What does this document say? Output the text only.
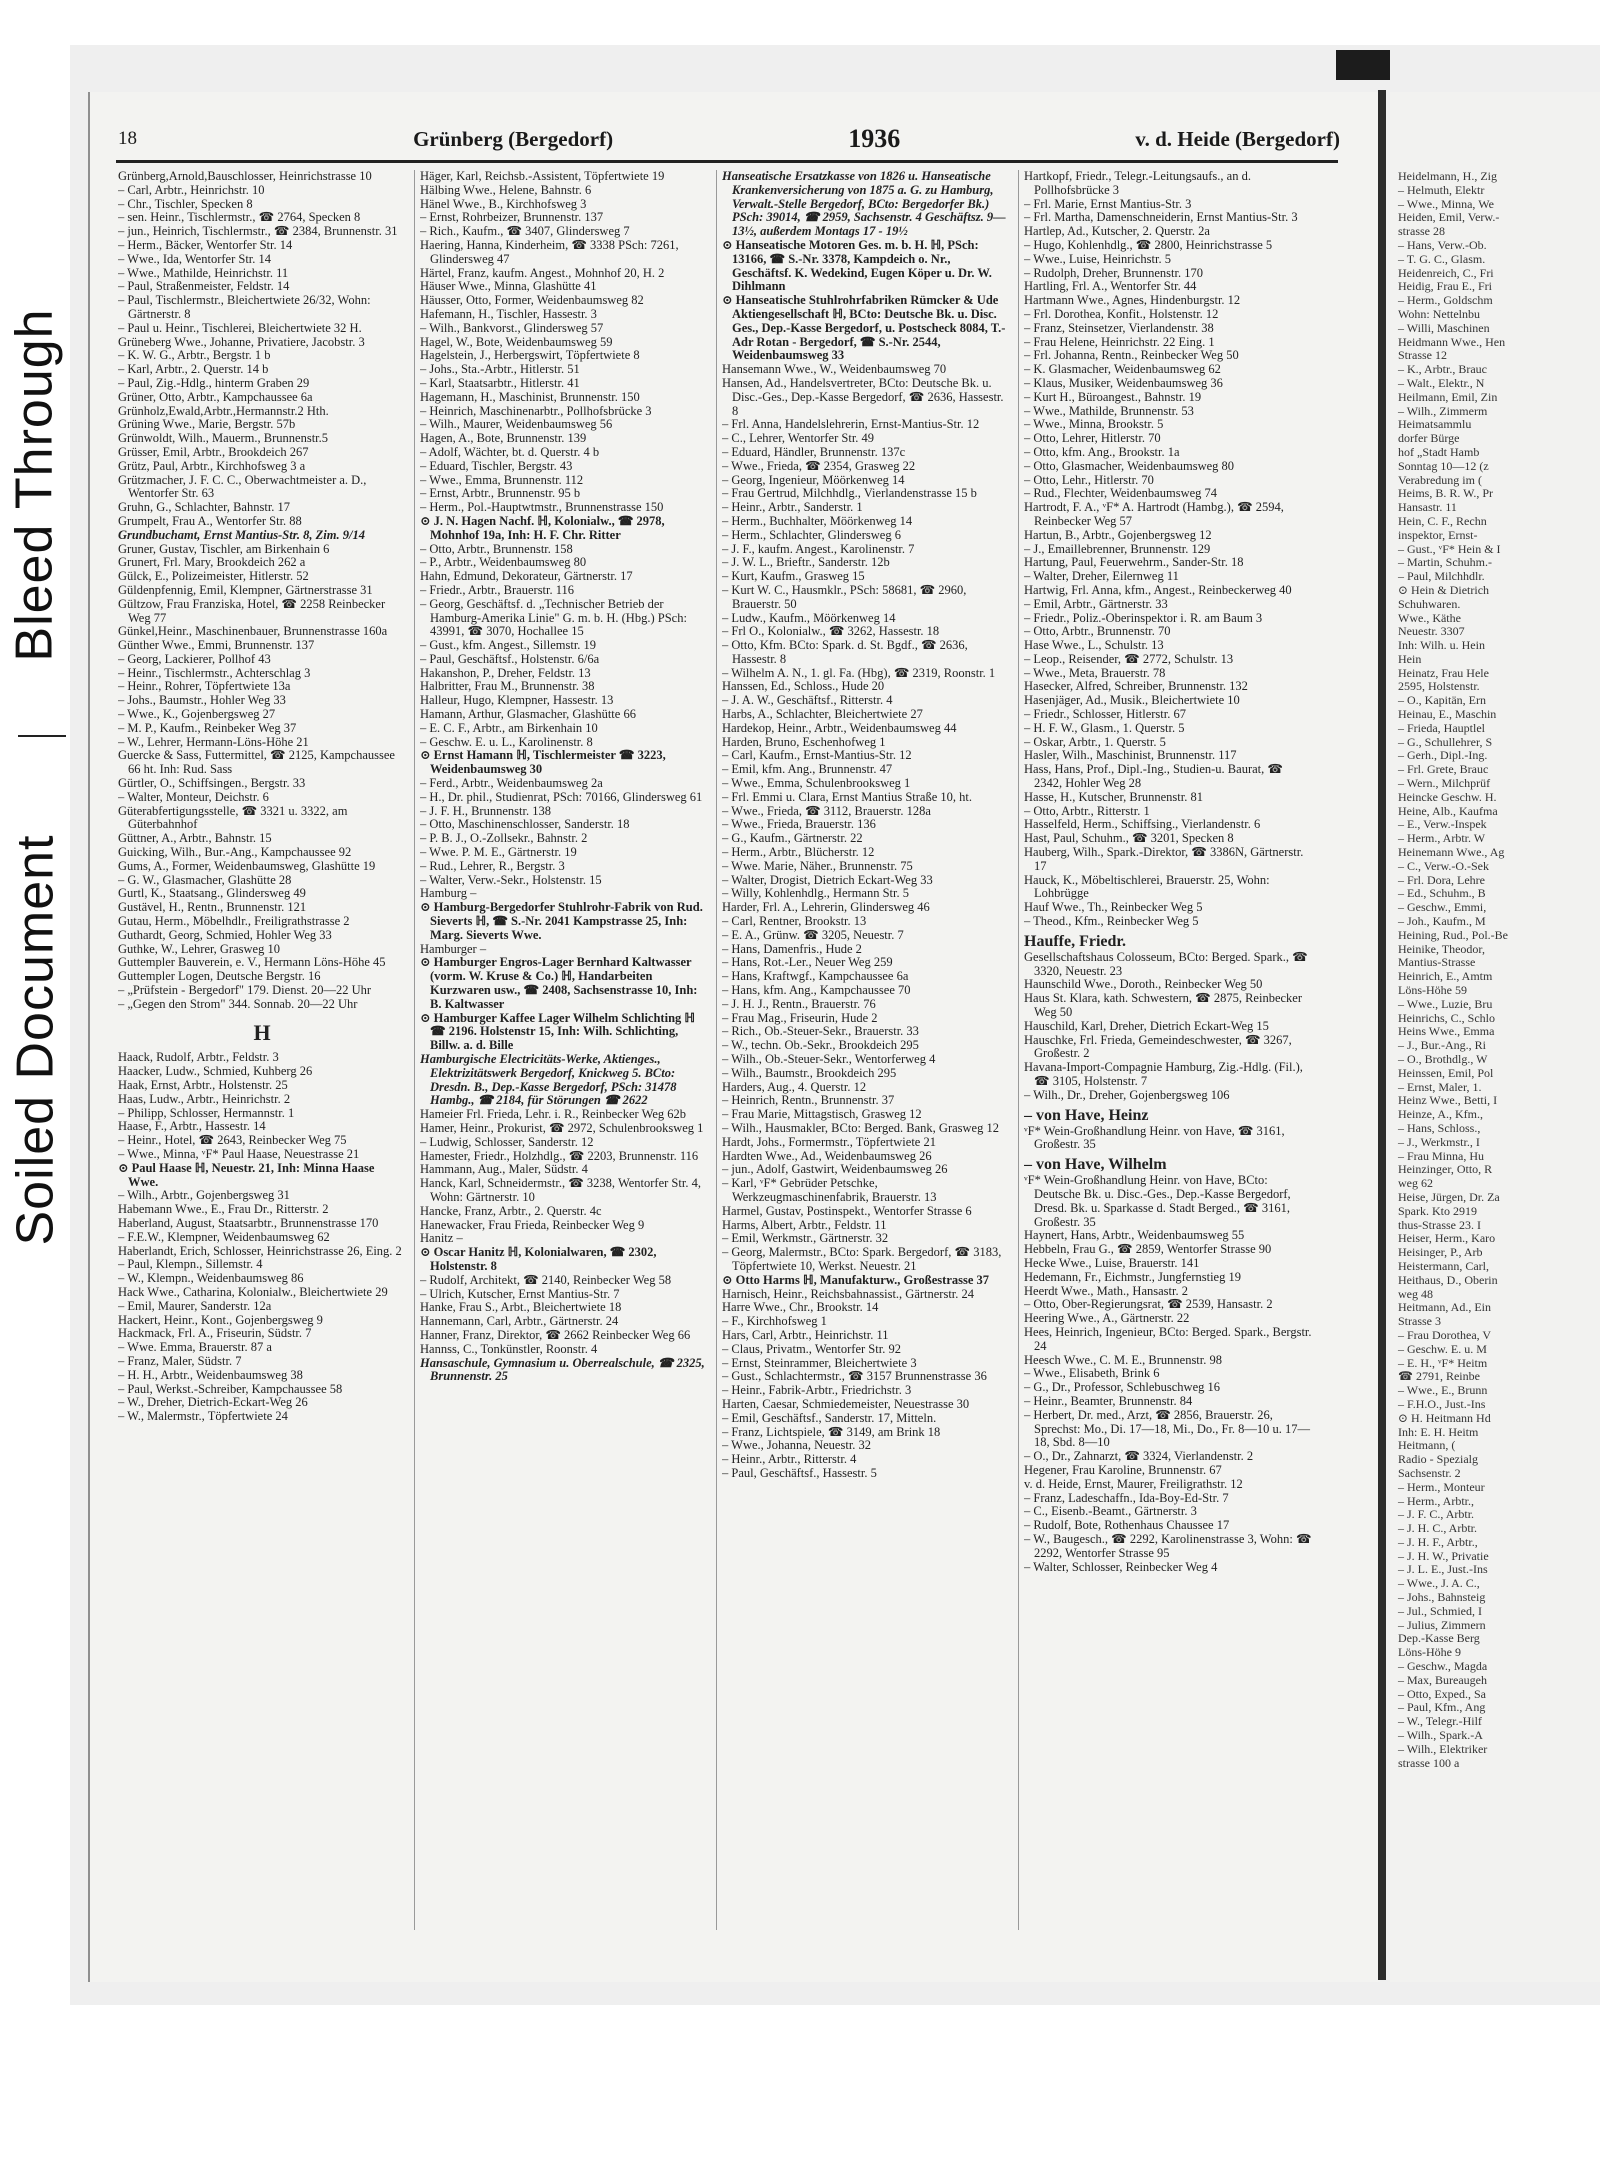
Heidelmann, H., Zig

– Helmuth, Elektr

– Wwe., Minna, We

Heiden, Emil, Verw.-

strasse 28

– Hans, Verw.-Ob.

– T. G. C., Glasm.

Heidenreich, C., Fri

Heidig, Frau E., Fri

– Herm., Goldschm

Wohn: Nettelnbu

– Willi, Maschinen

Heidmann Wwe., Hen

Strasse 12

– K., Arbtr., Brauc

– Walt., Elektr., N

Heilmann, Emil, Zin

– Wilh., Zimmerm

Heimatsammlu

dorfer Bürge

hof „Stadt Hamb

Sonntag 10—12 (z

Verabredung im (

Heims, B. R. W., Pr

Hansastr. 11

Hein, C. F., Rechn

inspektor, Ernst-

– Gust., ᵛF* Hein & I

– Martin, Schuhm.-

– Paul, Milchhdlr.

⊙ Hein & Dietrich

Schuhwaren.

Wwe., Käthe

Neuestr. 3307

Inh: Wilh. u. Hein

Hein

Heinatz, Frau Hele

2595, Holstenstr.

– O., Kapitän, Ern

Heinau, E., Maschin

– Frieda, Hauptlel

– G., Schullehrer, S

– Gerh., Dipl.-Ing.

– Frl. Grete, Brauc

– Wern., Milchprüf

Heincke Geschw. H.

Heine, Alb., Kaufma

– E., Verw.-Inspek

– Herm., Arbtr. W

Heinemann Wwe., Ag

– C., Verw.-O.-Sek

– Frl. Dora, Lehre

– Ed., Schuhm., B

– Geschw., Emmi,

– Joh., Kaufm., M

Heining, Rud., Pol.-Be

Heinike, Theodor,

Mantius-Strasse

Heinrich, E., Amtm

Löns-Höhe 59

– Wwe., Luzie, Bru

Heinrichs, C., Schlo

Heins Wwe., Emma

– J., Bur.-Ang., Ri

– O., Brothdlg., W

Heinssen, Emil, Pol

– Ernst, Maler, 1.

Heinz Wwe., Betti, I

Heinze, A., Kfm.,

– Hans, Schloss.,

– J., Werkmstr., I

– Frau Minna, Hu

Heinzinger, Otto, R

weg 62

Heise, Jürgen, Dr. Za

Spark. Kto 2919

thus-Strasse 23. I

Heiser, Herm., Karo

Heisinger, P., Arb

Heistermann, Carl,

Heithaus, D., Oberin

weg 48

Heitmann, Ad., Ein

Strasse 3

– Frau Dorothea, V

– Geschw. E. u. M

– E. H., ᵛF* Heitm

☎ 2791, Reinbe

– Wwe., E., Brunn

– F.H.O., Just.-Ins

⊙ H. Heitmann Hd

Inh: E. H. Heitm

Heitmann, (

Radio - Spezialg

Sachsenstr. 2

– Herm., Monteur

– Herm., Arbtr.,

– J. F. C., Arbtr.

– J. H. C., Arbtr.

– J. H. F., Arbtr.,

– J. H. W., Privatie

– J. L. E., Just.-Ins

– Wwe., J. A. C.,

– Johs., Bahnsteig

– Jul., Schmied, I

– Julius, Zimmern

Dep.-Kasse Berg

Löns-Höhe 9

– Geschw., Magda

– Max, Bureaugeh

– Otto, Exped., Sa

– Paul, Kfm., Ang

– W., Telegr.-Hilf

– Wilh., Spark.-A

– Wilh., Elektriker

strasse 100 a

Bleed Through
Soiled Document
18	Grünberg (Bergedorf)	1936	v. d. Heide (Bergedorf)

Grünberg,Arnold,Bauschlosser, Heinrichstrasse 10

– Carl, Arbtr., Heinrichstr. 10

– Chr., Tischler, Specken 8

– sen. Heinr., Tischlermstr., ☎ 2764, Specken 8

– jun., Heinrich, Tischlermstr., ☎ 2384, Brunnenstr. 31

– Herm., Bäcker, Wentorfer Str. 14

– Wwe., Ida, Wentorfer Str. 14

– Wwe., Mathilde, Heinrichstr. 11

– Paul, Straßenmeister, Feldstr. 14

– Paul, Tischlermstr., Bleichertwiete 26/32, Wohn: Gärtnerstr. 8

– Paul u. Heinr., Tischlerei, Bleichertwiete 32 H.

Grüneberg Wwe., Johanne, Privatiere, Jacobstr. 3

– K. W. G., Arbtr., Bergstr. 1 b

– Karl, Arbtr., 2. Querstr. 14 b

– Paul, Zig.-Hdlg., hinterm Graben 29

Grüner, Otto, Arbtr., Kampchaussee 6a

Grünholz,Ewald,Arbtr.,Hermannstr.2 Hth.

Grüning Wwe., Marie, Bergstr. 57b

Grünwoldt, Wilh., Mauerm., Brunnenstr.5

Grüsser, Emil, Arbtr., Brookdeich 267

Grütz, Paul, Arbtr., Kirchhofsweg 3 a

Grützmacher, J. F. C. C., Oberwachtmeister a. D., Wentorfer Str. 63

Gruhn, G., Schlachter, Bahnstr. 17

Grumpelt, Frau A., Wentorfer Str. 88

Grundbuchamt, Ernst Mantius-Str. 8, Zim. 9/14

Gruner, Gustav, Tischler, am Birkenhain 6

Grunert, Frl. Mary, Brookdeich 262 a

Gülck, E., Polizeimeister, Hitlerstr. 52

Güldenpfennig, Emil, Klempner, Gärtnerstrasse 31

Gültzow, Frau Franziska, Hotel, ☎ 2258 Reinbecker Weg 77

Günkel,Heinr., Maschinenbauer, Brunnenstrasse 160a

Günther Wwe., Emmi, Brunnenstr. 137

– Georg, Lackierer, Pollhof 43

– Heinr., Tischlermstr., Achterschlag 3

– Heinr., Rohrer, Töpfertwiete 13a

– Johs., Baumstr., Hohler Weg 33

– Wwe., K., Gojenbergsweg 27

– M. P., Kaufm., Reinbeker Weg 37

– W., Lehrer, Hermann-Löns-Höhe 21

Guercke & Sass, Futtermittel, ☎ 2125, Kampchaussee 66 ht. Inh: Rud. Sass

Gürtler, O., Schiffsingen., Bergstr. 33

– Walter, Monteur, Deichstr. 6

Güterabfertigungsstelle, ☎ 3321 u. 3322, am Güterbahnhof

Güttner, A., Arbtr., Bahnstr. 15

Guicking, Wilh., Bur.-Ang., Kampchaussee 92

Gums, A., Former, Weidenbaumsweg, Glashütte 19

– G. W., Glasmacher, Glashütte 28

Gurtl, K., Staatsang., Glindersweg 49

Gustävel, H., Rentn., Brunnenstr. 121

Gutau, Herm., Möbelhdlr., Freiligrathstrasse 2

Guthardt, Georg, Schmied, Hohler Weg 33

Guthke, W., Lehrer, Grasweg 10

Guttempler Bauverein, e. V., Hermann Löns-Höhe 45

Guttempler Logen, Deutsche Bergstr. 16

– „Prüfstein - Bergedorf" 179. Dienst. 20—22 Uhr

– „Gegen den Strom" 344. Sonnab. 20—22 Uhr

H

Haack, Rudolf, Arbtr., Feldstr. 3

Haacker, Ludw., Schmied, Kuhberg 26

Haak, Ernst, Arbtr., Holstenstr. 25

Haas, Ludw., Arbtr., Heinrichstr. 2

– Philipp, Schlosser, Hermannstr. 1

Haase, F., Arbtr., Hassestr. 14

– Heinr., Hotel, ☎ 2643, Reinbecker Weg 75

– Wwe., Minna, ᵛF* Paul Haase, Neuestrasse 21

⊙ Paul Haase ℍ, Neuestr. 21, Inh: Minna Haase Wwe.

– Wilh., Arbtr., Gojenbergsweg 31

Habemann Wwe., E., Frau Dr., Ritterstr. 2

Haberland, August, Staatsarbtr., Brunnenstrasse 170

– F.E.W., Klempner, Weidenbaumsweg 62

Haberlandt, Erich, Schlosser, Heinrichstrasse 26, Eing. 2

– Paul, Klempn., Sillemstr. 4

– W., Klempn., Weidenbaumsweg 86

Hack Wwe., Catharina, Kolonialw., Bleichertwiete 29

– Emil, Maurer, Sanderstr. 12a

Hackert, Heinr., Kont., Gojenbergsweg 9

Hackmack, Frl. A., Friseurin, Südstr. 7

– Wwe. Emma, Brauerstr. 87 a

– Franz, Maler, Südstr. 7

– H. H., Arbtr., Weidenbaumsweg 38

– Paul, Werkst.-Schreiber, Kampchaussee 58

– W., Dreher, Dietrich-Eckart-Weg 26

– W., Malermstr., Töpfertwiete 24

Häger, Karl, Reichsb.-Assistent, Töpfertwiete 19

Hälbing Wwe., Helene, Bahnstr. 6

Hänel Wwe., B., Kirchhofsweg 3

– Ernst, Rohrbeizer, Brunnenstr. 137

– Rich., Kaufm., ☎ 3407, Glindersweg 7

Haering, Hanna, Kinderheim, ☎ 3338 PSch: 7261, Glindersweg 47

Härtel, Franz, kaufm. Angest., Mohnhof 20, H. 2

Häuser Wwe., Minna, Glashütte 41

Häusser, Otto, Former, Weidenbaumsweg 82

Hafemann, H., Tischler, Hassestr. 3

– Wilh., Bankvorst., Glindersweg 57

Hagel, W., Bote, Weidenbaumsweg 59

Hagelstein, J., Herbergswirt, Töpfertwiete 8

– Johs., Sta.-Arbtr., Hitlerstr. 51

– Karl, Staatsarbtr., Hitlerstr. 41

Hagemann, H., Maschinist, Brunnenstr. 150

– Heinrich, Maschinenarbtr., Pollhofsbrücke 3

– Wilh., Maurer, Weidenbaumsweg 56

Hagen, A., Bote, Brunnenstr. 139

– Adolf, Wächter, bt. d. Querstr. 4 b

– Eduard, Tischler, Bergstr. 43

– Wwe., Emma, Brunnenstr. 112

– Ernst, Arbtr., Brunnenstr. 95 b

– Herm., Pol.-Hauptwtmstr., Brunnenstrasse 150

⊙ J. N. Hagen Nachf. ℍ, Kolonialw., ☎ 2978, Mohnhof 19a, Inh: H. F. Chr. Ritter

– Otto, Arbtr., Brunnenstr. 158

– P., Arbtr., Weidenbaumsweg 80

Hahn, Edmund, Dekorateur, Gärtnerstr. 17

– Friedr., Arbtr., Brauerstr. 116

– Georg, Geschäftsf. d. „Technischer Betrieb der Hamburg-Amerika Linie" G. m. b. H. (Hbg.) PSch: 43991, ☎ 3070, Hochallee 15

– Gust., kfm. Angest., Sillemstr. 19

– Paul, Geschäftsf., Holstenstr. 6/6a

Hakanshon, P., Dreher, Feldstr. 13

Halbritter, Frau M., Brunnenstr. 38

Halleur, Hugo, Klempner, Hassestr. 13

Hamann, Arthur, Glasmacher, Glashütte 66

– E. C. F., Arbtr., am Birkenhain 10

– Geschw. E. u. L., Karolinenstr. 8

⊙ Ernst Hamann ℍ, Tischlermeister ☎ 3223, Weidenbaumsweg 30

– Ferd., Arbtr., Weidenbaumsweg 2a

– H., Dr. phil., Studienrat, PSch: 70166, Glindersweg 61

– J. F. H., Brunnenstr. 138

– Otto, Maschinenschlosser, Sanderstr. 18

– P. B. J., O.-Zollsekr., Bahnstr. 2

– Wwe. P. M. E., Gärtnerstr. 19

– Rud., Lehrer, R., Bergstr. 3

– Walter, Verw.-Sekr., Holstenstr. 15

Hamburg –

⊙ Hamburg-Bergedorfer Stuhlrohr-Fabrik von Rud. Sieverts ℍ, ☎ S.-Nr. 2041 Kampstrasse 25, Inh: Marg. Sieverts Wwe.

Hamburger –

⊙ Hamburger Engros-Lager Bernhard Kaltwasser (vorm. W. Kruse & Co.) ℍ, Handarbeiten Kurzwaren usw., ☎ 2408, Sachsenstrasse 10, Inh: B. Kaltwasser

⊙ Hamburger Kaffee Lager Wilhelm Schlichting ℍ ☎ 2196. Holstenstr 15, Inh: Wilh. Schlichting, Billw. a. d. Bille

Hamburgische Electricitäts-Werke, Aktienges., Elektrizitätswerk Bergedorf, Knickweg 5. BCto: Dresdn. B., Dep.-Kasse Bergedorf, PSch: 31478 Hambg., ☎ 2184, für Störungen ☎ 2622

Hameier Frl. Frieda, Lehr. i. R., Reinbecker Weg 62b

Hamer, Heinr., Prokurist, ☎ 2972, Schulenbrooksweg 1

– Ludwig, Schlosser, Sanderstr. 12

Hamester, Friedr., Holzhdlg., ☎ 2203, Brunnenstr. 116

Hammann, Aug., Maler, Südstr. 4

Hanck, Karl, Schneidermstr., ☎ 3238, Wentorfer Str. 4, Wohn: Gärtnerstr. 10

Hancke, Franz, Arbtr., 2. Querstr. 4c

Hanewacker, Frau Frieda, Reinbecker Weg 9

Hanitz –

⊙ Oscar Hanitz ℍ, Kolonialwaren, ☎ 2302, Holstenstr. 8

– Rudolf, Architekt, ☎ 2140, Reinbecker Weg 58

– Ulrich, Kutscher, Ernst Mantius-Str. 7

Hanke, Frau S., Arbt., Bleichertwiete 18

Hannemann, Carl, Arbtr., Gärtnerstr. 24

Hanner, Franz, Direktor, ☎ 2662 Reinbecker Weg 66

Hannss, C., Tonkünstler, Roonstr. 4

Hansaschule, Gymnasium u. Oberrealschule, ☎ 2325, Brunnenstr. 25

Hanseatische Ersatzkasse von 1826 u. Hanseatische Krankenversicherung von 1875 a. G. zu Hamburg, Verwalt.-Stelle Bergedorf, BCto: Bergedorfer Bk.) PSch: 39014, ☎ 2959, Sachsenstr. 4 Geschäftsz. 9—13½, außerdem Montags 17 - 19½

⊙ Hanseatische Motoren Ges. m. b. H. ℍ, PSch: 13166, ☎ S.-Nr. 3378, Kampdeich o. Nr., Geschäftsf. K. Wedekind, Eugen Köper u. Dr. W. Dihlmann

⊙ Hanseatische Stuhlrohrfabriken Rümcker & Ude Aktiengesellschaft ℍ, BCto: Deutsche Bk. u. Disc. Ges., Dep.-Kasse Bergedorf, u. Postscheck 8084, T.-Adr Rotan - Bergedorf, ☎ S.-Nr. 2544, Weidenbaumsweg 33

Hansemann Wwe., W., Weidenbaumsweg 70

Hansen, Ad., Handelsvertreter, BCto: Deutsche Bk. u. Disc.-Ges., Dep.-Kasse Bergedorf, ☎ 2636, Hassestr. 8

– Frl. Anna, Handelslehrerin, Ernst-Mantius-Str. 12

– C., Lehrer, Wentorfer Str. 49

– Eduard, Händler, Brunnenstr. 137c

– Wwe., Frieda, ☎ 2354, Grasweg 22

– Georg, Ingenieur, Möörkenweg 14

– Frau Gertrud, Milchhdlg., Vierlandenstrasse 15 b

– Heinr., Arbtr., Sanderstr. 1

– Herm., Buchhalter, Möörkenweg 14

– Herm., Schlachter, Glindersweg 6

– J. F., kaufm. Angest., Karolinenstr. 7

– J. W. L., Brieftr., Sanderstr. 12b

– Kurt, Kaufm., Grasweg 15

– Kurt W. C., Hausmklr., PSch: 58681, ☎ 2960, Brauerstr. 50

– Ludw., Kaufm., Möörkenweg 14

– Frl O., Kolonialw., ☎ 3262, Hassestr. 18

– Otto, Kfm. BCto: Spark. d. St. Bgdf., ☎ 2636, Hassestr. 8

– Wilhelm A. N., 1. gl. Fa. (Hbg), ☎ 2319, Roonstr. 1

Hanssen, Ed., Schloss., Hude 20

– J. A. W., Geschäftsf., Ritterstr. 4

Harbs, A., Schlachter, Bleichertwiete 27

Hardekop, Heinr., Arbtr., Weidenbaumsweg 44

Harden, Bruno, Eschenhofweg 1

– Carl, Kaufm., Ernst-Mantius-Str. 12

– Emil, kfm. Ang., Brunnenstr. 47

– Wwe., Emma, Schulenbrooksweg 1

– Frl. Emmi u. Clara, Ernst Mantius Straße 10, ht.

– Wwe., Frieda, ☎ 3112, Brauerstr. 128a

– Wwe., Frieda, Brauerstr. 136

– G., Kaufm., Gärtnerstr. 22

– Herm., Arbtr., Blücherstr. 12

– Wwe. Marie, Näher., Brunnenstr. 75

– Walter, Drogist, Dietrich Eckart-Weg 33

– Willy, Kohlenhdlg., Hermann Str. 5

Harder, Frl. A., Lehrerin, Glindersweg 46

– Carl, Rentner, Brookstr. 13

– E. A., Grünw. ☎ 3205, Neuestr. 7

– Hans, Damenfris., Hude 2

– Hans, Rot.-Ler., Neuer Weg 259

– Hans, Kraftwgf., Kampchaussee 6a

– Hans, kfm. Ang., Kampchaussee 70

– J. H. J., Rentn., Brauerstr. 76

– Frau Mag., Friseurin, Hude 2

– Rich., Ob.-Steuer-Sekr., Brauerstr. 33

– W., techn. Ob.-Sekr., Brookdeich 295

– Wilh., Ob.-Steuer-Sekr., Wentorferweg 4

– Wilh., Baumstr., Brookdeich 295

Harders, Aug., 4. Querstr. 12

– Heinrich, Rentn., Brunnenstr. 37

– Frau Marie, Mittagstisch, Grasweg 12

– Wilh., Hausmakler, BCto: Berged. Bank, Grasweg 12

Hardt, Johs., Formermstr., Töpfertwiete 21

Hardten Wwe., Ad., Weidenbaumsweg 26

– jun., Adolf, Gastwirt, Weidenbaumsweg 26

– Karl, ᵛF* Gebrüder Petschke, Werkzeugmaschinenfabrik, Brauerstr. 13

Harmel, Gustav, Postinspekt., Wentorfer Strasse 6

Harms, Albert, Arbtr., Feldstr. 11

– Emil, Werkmstr., Gärtnerstr. 32

– Georg, Malermstr., BCto: Spark. Bergedorf, ☎ 3183, Töpfertwiete 10, Werkst. Neuestr. 21

⊙ Otto Harms ℍ, Manufakturw., Großestrasse 37

Harnisch, Heinr., Reichsbahnassist., Gärtnerstr. 24

Harre Wwe., Chr., Brookstr. 14

– F., Kirchhofsweg 1

Hars, Carl, Arbtr., Heinrichstr. 11

– Claus, Privatm., Wentorfer Str. 92

– Ernst, Steinrammer, Bleichertwiete 3

– Gust., Schlachtermstr., ☎ 3157 Brunnenstrasse 36

– Heinr., Fabrik-Arbtr., Friedrichstr. 3

Harten, Caesar, Schmiedemeister, Neuestrasse 30

– Emil, Geschäftsf., Sanderstr. 17, Mitteln.

– Franz, Lichtspiele, ☎ 3149, am Brink 18

– Wwe., Johanna, Neuestr. 32

– Heinr., Arbtr., Ritterstr. 4

– Paul, Geschäftsf., Hassestr. 5

Hartkopf, Friedr., Telegr.-Leitungsaufs., an d. Pollhofsbrücke 3

– Frl. Marie, Ernst Mantius-Str. 3

– Frl. Martha, Damenschneiderin, Ernst Mantius-Str. 3

Hartlep, Ad., Kutscher, 2. Querstr. 2a

– Hugo, Kohlenhdlg., ☎ 2800, Heinrichstrasse 5

– Wwe., Luise, Heinrichstr. 5

– Rudolph, Dreher, Brunnenstr. 170

Hartling, Frl. A., Wentorfer Str. 44

Hartmann Wwe., Agnes, Hindenburgstr. 12

– Frl. Dorothea, Konfit., Holstenstr. 12

– Franz, Steinsetzer, Vierlandenstr. 38

– Frau Helene, Heinrichstr. 22 Eing. 1

– Frl. Johanna, Rentn., Reinbecker Weg 50

– K. Glasmacher, Weidenbaumsweg 62

– Klaus, Musiker, Weidenbaumsweg 36

– Kurt H., Büroangest., Bahnstr. 19

– Wwe., Mathilde, Brunnenstr. 53

– Wwe., Minna, Brookstr. 5

– Otto, Lehrer, Hitlerstr. 70

– Otto, kfm. Ang., Brookstr. 1a

– Otto, Glasmacher, Weidenbaumsweg 80

– Otto, Lehr., Hitlerstr. 70

– Rud., Flechter, Weidenbaumsweg 74

Hartrodt, F. A., ᵛF* A. Hartrodt (Hambg.), ☎ 2594, Reinbecker Weg 57

Hartun, B., Arbtr., Gojenbergsweg 12

– J., Emaillebrenner, Brunnenstr. 129

Hartung, Paul, Feuerwehrm., Sander-Str. 18

– Walter, Dreher, Eilernweg 11

Hartwig, Frl. Anna, kfm., Angest., Reinbeckerweg 40

– Emil, Arbtr., Gärtnerstr. 33

– Friedr., Poliz.-Oberinspektor i. R. am Baum 3

– Otto, Arbtr., Brunnenstr. 70

Hase Wwe., L., Schulstr. 13

– Leop., Reisender, ☎ 2772, Schulstr. 13

– Wwe., Meta, Brauerstr. 78

Hasecker, Alfred, Schreiber, Brunnenstr. 132

Hasenjäger, Ad., Musik., Bleichertwiete 10

– Friedr., Schlosser, Hitlerstr. 67

– H. F. W., Glasm., 1. Querstr. 5

– Oskar, Arbtr., 1. Querstr. 5

Hasler, Wilh., Maschinist, Brunnenstr. 117

Hass, Hans, Prof., Dipl.-Ing., Studien-u. Baurat, ☎ 2342, Hohler Weg 28

Hasse, H., Kutscher, Brunnenstr. 81

– Otto, Arbtr., Ritterstr. 1

Hasselfeld, Herm., Schiffsing., Vierlandenstr. 6

Hast, Paul, Schuhm., ☎ 3201, Specken 8

Hauberg, Wilh., Spark.-Direktor, ☎ 3386N, Gärtnerstr. 17

Hauck, K., Möbeltischlerei, Brauerstr. 25, Wohn: Lohbrügge

Hauf Wwe., Th., Reinbecker Weg 5

– Theod., Kfm., Reinbecker Weg 5

Hauffe, Friedr.

Gesellschaftshaus Colosseum, BCto: Berged. Spark., ☎ 3320, Neuestr. 23

Haunschild Wwe., Doroth., Reinbecker Weg 50

Haus St. Klara, kath. Schwestern, ☎ 2875, Reinbecker Weg 50

Hauschild, Karl, Dreher, Dietrich Eckart-Weg 15

Hauschke, Frl. Frieda, Gemeindeschwester, ☎ 3267, Großestr. 2

Havana-Import-Compagnie Hamburg, Zig.-Hdlg. (Fil.), ☎ 3105, Holstenstr. 7

– Wilh., Dr., Dreher, Gojenbergsweg 106

– von Have, Heinz

ᵛF* Wein-Großhandlung Heinr. von Have, ☎ 3161, Großestr. 35

– von Have, Wilhelm

ᵛF* Wein-Großhandlung Heinr. von Have, BCto: Deutsche Bk. u. Disc.-Ges., Dep.-Kasse Bergedorf, Dresd. Bk. u. Sparkasse d. Stadt Berged., ☎ 3161, Großestr. 35

Haynert, Hans, Arbtr., Weidenbaumsweg 55

Hebbeln, Frau G., ☎ 2859, Wentorfer Strasse 90

Hecke Wwe., Luise, Brauerstr. 141

Hedemann, Fr., Eichmstr., Jungfernstieg 19

Heerdt Wwe., Math., Hansastr. 2

– Otto, Ober-Regierungsrat, ☎ 2539, Hansastr. 2

Heering Wwe., A., Gärtnerstr. 22

Hees, Heinrich, Ingenieur, BCto: Berged. Spark., Bergstr. 24

Heesch Wwe., C. M. E., Brunnenstr. 98

– Wwe., Elisabeth, Brink 6

– G., Dr., Professor, Schlebuschweg 16

– Heinr., Beamter, Brunnenstr. 84

– Herbert, Dr. med., Arzt, ☎ 2856, Brauerstr. 26, Sprechst: Mo., Di. 17—18, Mi., Do., Fr. 8—10 u. 17—18, Sbd. 8—10

– O., Dr., Zahnarzt, ☎ 3324, Vierlandenstr. 2

Hegener, Frau Karoline, Brunnenstr. 67

v. d. Heide, Ernst, Maurer, Freiligrathstr. 12

– Franz, Ladeschaffn., Ida-Boy-Ed-Str. 7

– C., Eisenb.-Beamt., Gärtnerstr. 3

– Rudolf, Bote, Rothenhaus Chaussee 17

– W., Baugesch., ☎ 2292, Karolinenstrasse 3, Wohn: ☎ 2292, Wentorfer Strasse 95

– Walter, Schlosser, Reinbecker Weg 4
